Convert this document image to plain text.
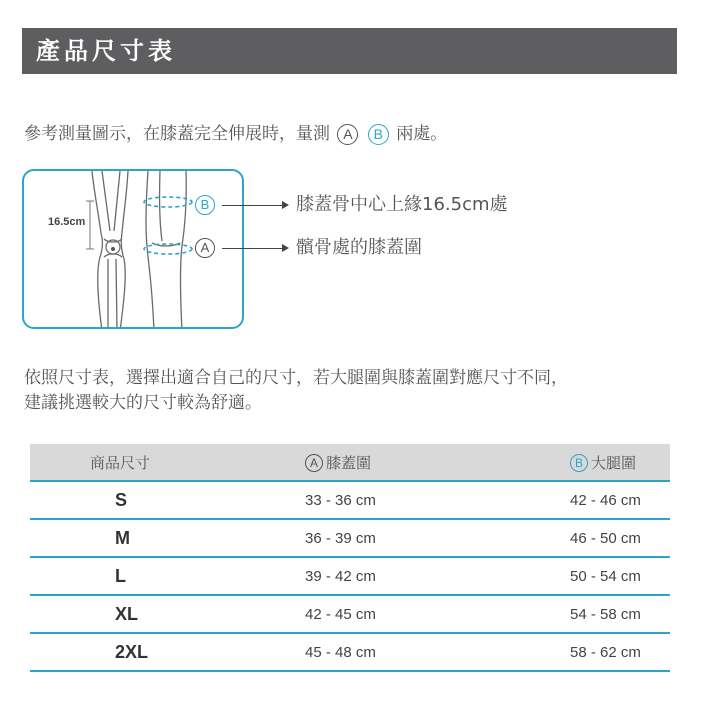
產品尺寸表
參考測量圖示，在膝蓋完全伸展時，量測 A B 兩處。
16.5cm
B
A
膝蓋骨中心上緣16.5cm處
髕骨處的膝蓋圍
依照尺寸表，選擇出適合自己的尺寸，若大腿圍與膝蓋圍對應尺寸不同，
建議挑選較大的尺寸較為舒適。
商品尺寸	A 膝蓋圍	B 大腿圍
S	33 - 36 cm	42 - 46 cm
M	36 - 39 cm	46 - 50 cm
L	39 - 42 cm	50 - 54 cm
XL	42 - 45 cm	54 - 58 cm
2XL	45 - 48 cm	58 - 62 cm
